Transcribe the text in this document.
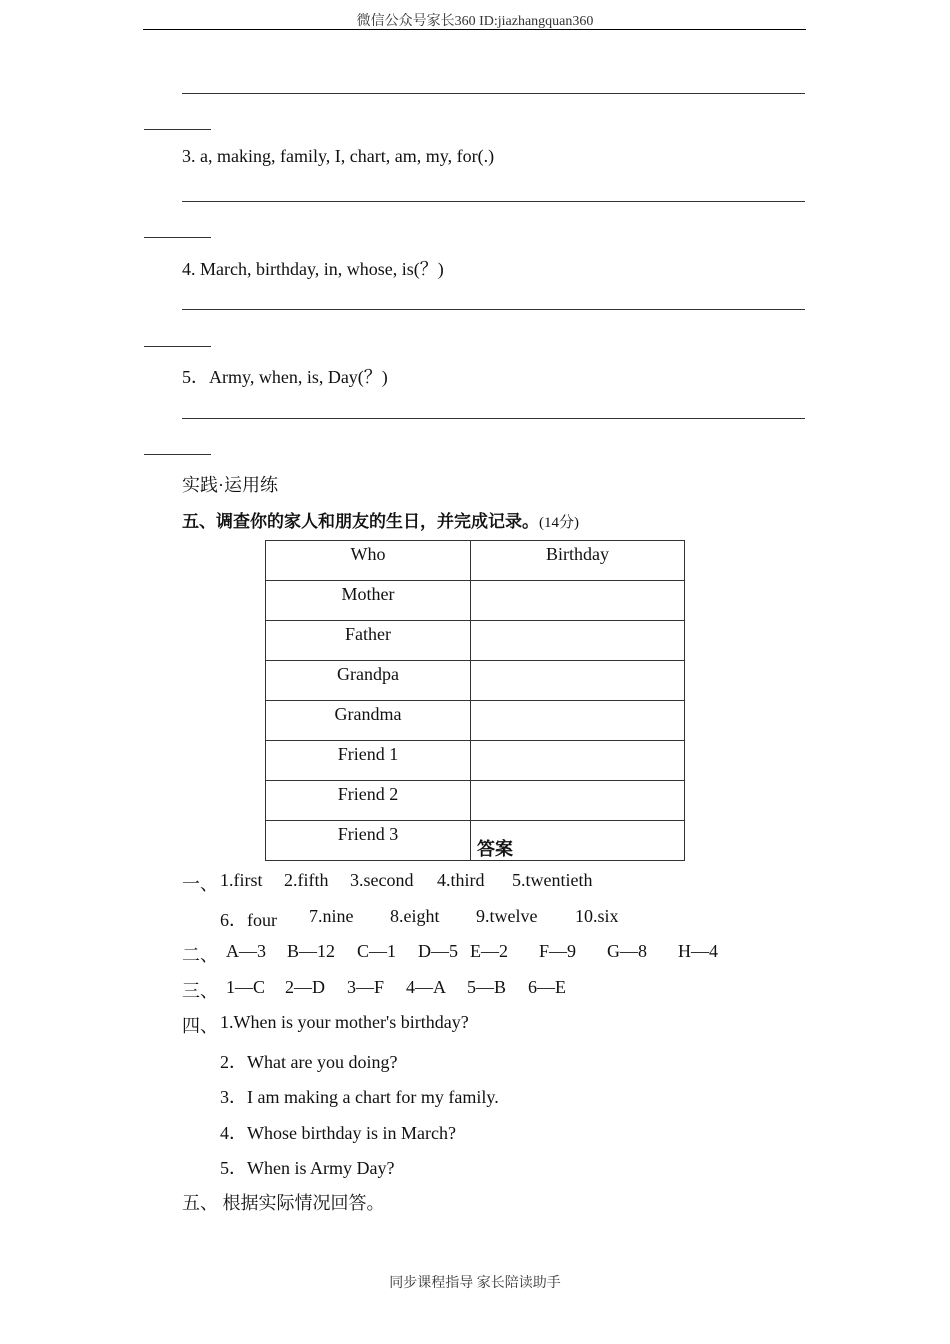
微信公众号家长360 ID:jiazhangquan360
3. a, making, family, I, chart, am, my, for(.)
4. March, birthday, in, whose, is(？)
5．Army, when, is, Day(？)
实践·运用练
五、调查你的家人和朋友的生日，并完成记录。(14分)
Who	Birthday
Mother	
Father	
Grandpa	
Grandma	
Friend 1	
Friend 2	
Friend 3	
答案
一、 1.first 2.fifth 3.second 4.third 5.twentieth
6．four 7.nine 8.eight 9.twelve 10.six
二、 A—3 B—12 C—1 D—5 E—2 F—9 G—8 H—4
三、 1—C 2—D 3—F 4—A 5—B 6—E
四、 1.When is your mother's birthday?
2．What are you doing?
3．I am making a chart for my family.
4．Whose birthday is in March?
5．When is Army Day?
五、 根据实际情况回答。
同步课程指导 家长陪读助手
